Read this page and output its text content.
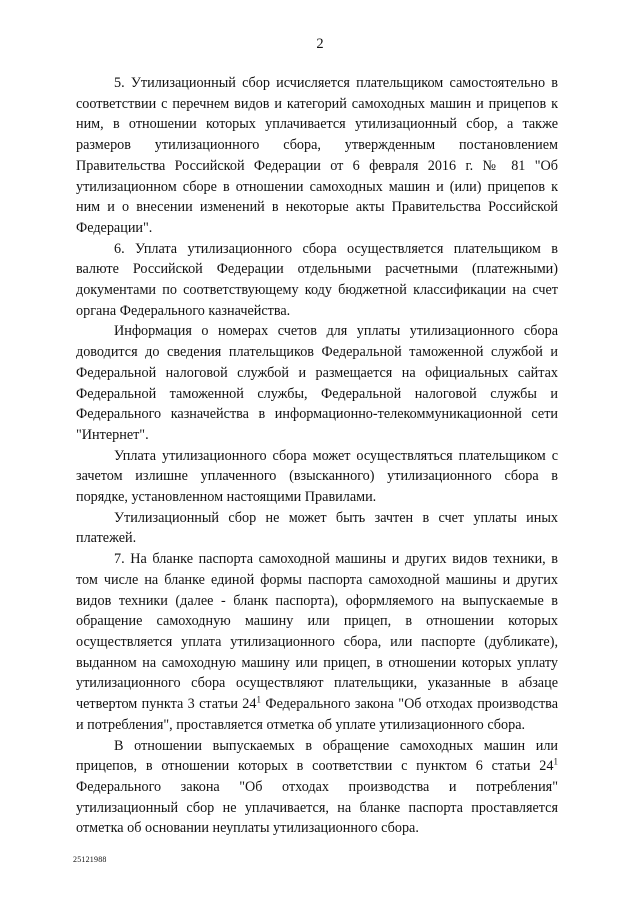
2

5. Утилизационный сбор исчисляется плательщиком самостоятельно в соответствии с перечнем видов и категорий самоходных машин и прицепов к ним, в отношении которых уплачивается утилизационный сбор, а также размеров утилизационного сбора, утвержденным постановлением Правительства Российской Федерации от 6 февраля 2016 г. № 81 "Об утилизационном сборе в отношении самоходных машин и (или) прицепов к ним и о внесении изменений в некоторые акты Правительства Российской Федерации".

6. Уплата утилизационного сбора осуществляется плательщиком в валюте Российской Федерации отдельными расчетными (платежными) документами по соответствующему коду бюджетной классификации на счет органа Федерального казначейства.

Информация о номерах счетов для уплаты утилизационного сбора доводится до сведения плательщиков Федеральной таможенной службой и Федеральной налоговой службой и размещается на официальных сайтах Федеральной таможенной службы, Федеральной налоговой службы и Федерального казначейства в информационно-телекоммуникационной сети "Интернет".

Уплата утилизационного сбора может осуществляться плательщиком с зачетом излишне уплаченного (взысканного) утилизационного сбора в порядке, установленном настоящими Правилами.

Утилизационный сбор не может быть зачтен в счет уплаты иных платежей.

7. На бланке паспорта самоходной машины и других видов техники, в том числе на бланке единой формы паспорта самоходной машины и других видов техники (далее - бланк паспорта), оформляемого на выпускаемые в обращение самоходную машину или прицеп, в отношении которых осуществляется уплата утилизационного сбора, или паспорте (дубликате), выданном на самоходную машину или прицеп, в отношении которых уплату утилизационного сбора осуществляют плательщики, указанные в абзаце четвертом пункта 3 статьи $24^1$ Федерального закона "Об отходах производства и потребления", проставляется отметка об уплате утилизационного сбора.

В отношении выпускаемых в обращение самоходных машин или прицепов, в отношении которых в соответствии с пунктом 6 статьи $24^1$ Федерального закона "Об отходах производства и потребления" утилизационный сбор не уплачивается, на бланке паспорта проставляется отметка об основании неуплаты утилизационного сбора.

25121988
